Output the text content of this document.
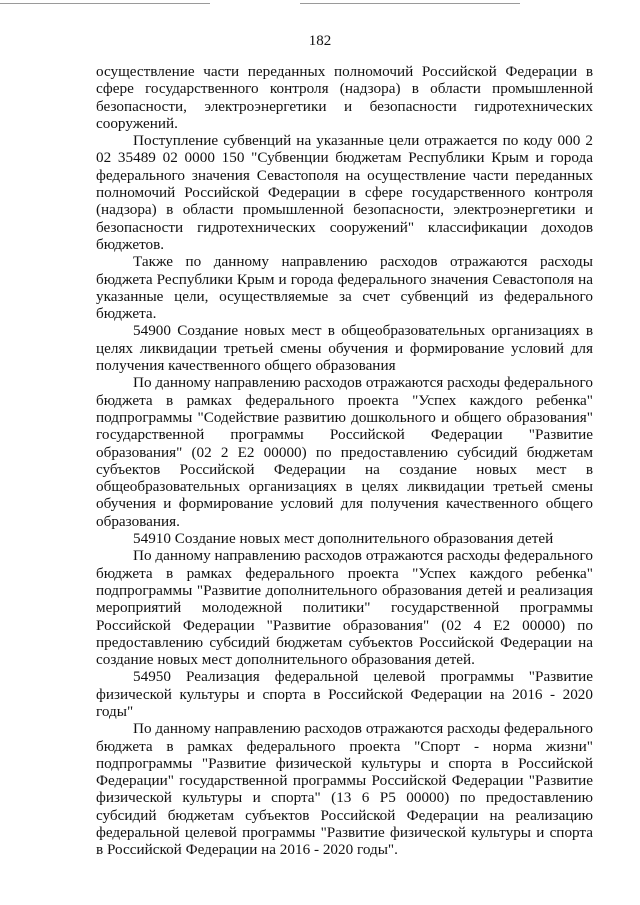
182

осуществление части переданных полномочий Российской Федерации в сфере государственного контроля (надзора) в области промышленной безопасности, электроэнергетики и безопасности гидротехнических сооружений.

Поступление субвенций на указанные цели отражается по коду 000 2 02 35489 02 0000 150 "Субвенции бюджетам Республики Крым и города федерального значения Севастополя на осуществление части переданных полномочий Российской Федерации в сфере государственного контроля (надзора) в области промышленной безопасности, электроэнергетики и безопасности гидротехнических сооружений" классификации доходов бюджетов.

Также по данному направлению расходов отражаются расходы бюджета Республики Крым и города федерального значения Севастополя на указанные цели, осуществляемые за счет субвенций из федерального бюджета.

54900 Создание новых мест в общеобразовательных организациях в целях ликвидации третьей смены обучения и формирование условий для получения качественного общего образования

По данному направлению расходов отражаются расходы федерального бюджета в рамках федерального проекта "Успех каждого ребенка" подпрограммы "Содействие развитию дошкольного и общего образования" государственной программы Российской Федерации "Развитие образования" (02 2 Е2 00000) по предоставлению субсидий бюджетам субъектов Российской Федерации на создание новых мест в общеобразовательных организациях в целях ликвидации третьей смены обучения и формирование условий для получения качественного общего образования.

54910 Создание новых мест дополнительного образования детей

По данному направлению расходов отражаются расходы федерального бюджета в рамках федерального проекта "Успех каждого ребенка" подпрограммы "Развитие дополнительного образования детей и реализация мероприятий молодежной политики" государственной программы Российской Федерации "Развитие образования" (02 4 Е2 00000) по предоставлению субсидий бюджетам субъектов Российской Федерации на создание новых мест дополнительного образования детей.

54950 Реализация федеральной целевой программы "Развитие физической культуры и спорта в Российской Федерации на 2016 - 2020 годы"

По данному направлению расходов отражаются расходы федерального бюджета в рамках федерального проекта "Спорт - норма жизни" подпрограммы "Развитие физической культуры и спорта в Российской Федерации" государственной программы Российской Федерации "Развитие физической культуры и спорта" (13 6 Р5 00000) по предоставлению субсидий бюджетам субъектов Российской Федерации на реализацию федеральной целевой программы "Развитие физической культуры и спорта в Российской Федерации на 2016 - 2020 годы".
